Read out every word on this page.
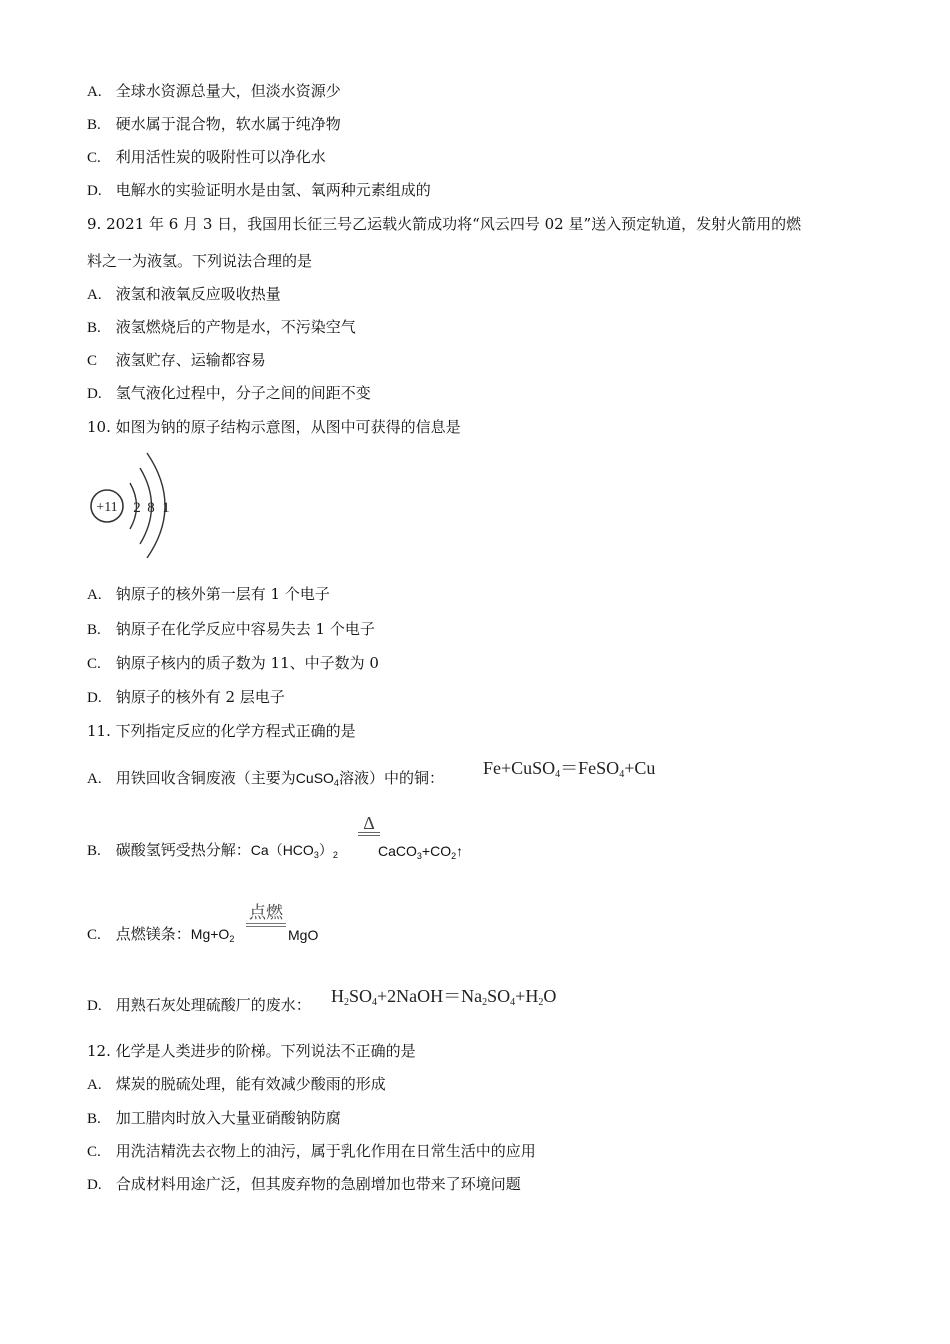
A. 全球水资源总量大，但淡水资源少
B. 硬水属于混合物，软水属于纯净物
C. 利用活性炭的吸附性可以净化水
D. 电解水的实验证明水是由氢、氧两种元素组成的
9. 2021 年 6 月 3 日，我国用长征三号乙运载火箭成功将“风云四号 02 星”送入预定轨道，发射火箭用的燃
料之一为液氢。下列说法合理的是
A. 液氢和液氧反应吸收热量
B. 液氢燃烧后的产物是水，不污染空气
C 液氢贮存、运输都容易
D. 氢气液化过程中，分子之间的间距不变
10. 如图为钠的原子结构示意图，从图中可获得的信息是
+11 2 8 1
A. 钠原子的核外第一层有 1 个电子
B. 钠原子在化学反应中容易失去 1 个电子
C. 钠原子核内的质子数为 11、中子数为 0
D. 钠原子的核外有 2 层电子
11. 下列指定反应的化学方程式正确的是
A. 用铁回收含铜废液（主要为CuSO$_4$溶液）中的铜： Fe+CuSO$_4$＝FeSO$_4$+Cu
B. 碳酸氢钙受热分解：$Ca(HCO_3)_2$
Δ
$CaCO_3+CO_2↑$
C. 点燃镁条：$Mg+O_2$
点燃
MgO
D. 用熟石灰处理硫酸厂的废水： $H_2SO_4+2NaOH=Na_2SO_4+H_2O$
12. 化学是人类进步的阶梯。下列说法不正确的是
A. 煤炭的脱硫处理，能有效减少酸雨的形成
B. 加工腊肉时放入大量亚硝酸钠防腐
C. 用洗洁精洗去衣物上的油污，属于乳化作用在日常生活中的应用
D. 合成材料用途广泛，但其废弃物的急剧增加也带来了环境问题
